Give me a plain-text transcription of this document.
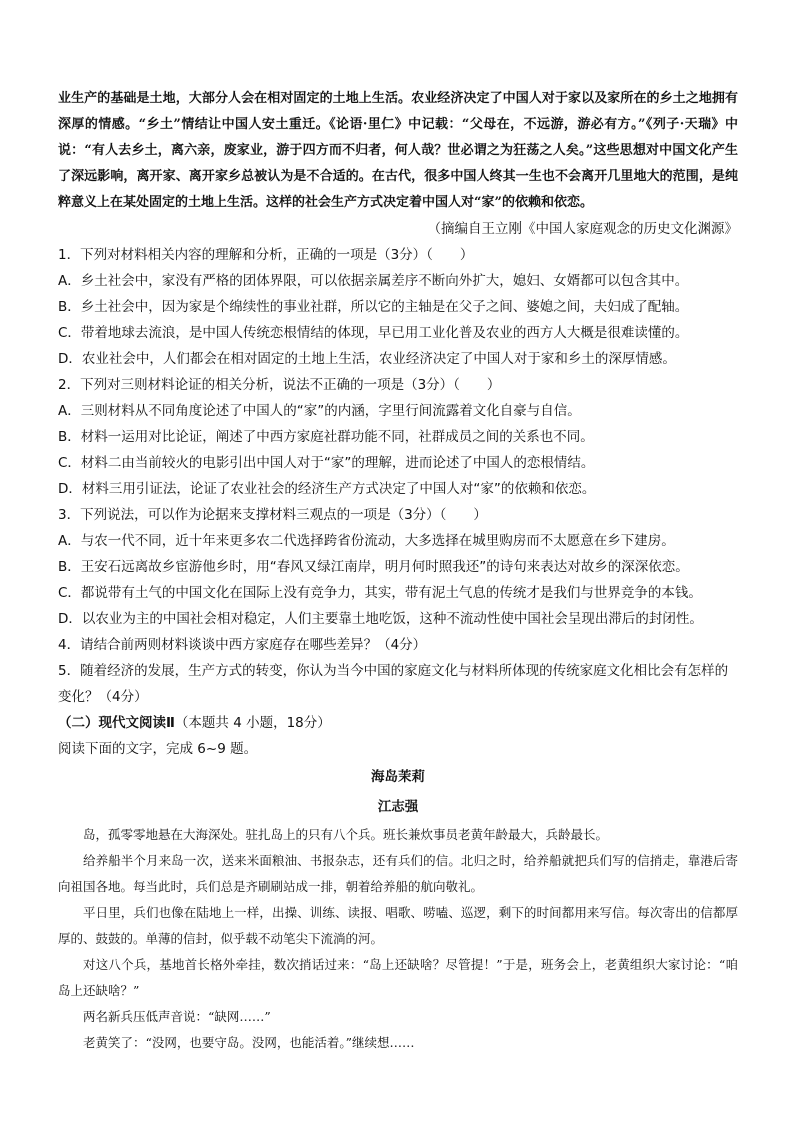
业生产的基础是土地，大部分人会在相对固定的土地上生活。农业经济决定了中国人对于家以及家所在的乡土之地拥有深厚的情感。“乡土”情结让中国人安土重迁。《论语·里仁》中记载：“父母在，不远游，游必有方。”《列子·天瑞》中说：“有人去乡土，离六亲，废家业，游于四方而不归者，何人哉？世必谓之为狂荡之人矣。”这些思想对中国文化产生了深远影响，离开家、离开家乡总被认为是不合适的。在古代，很多中国人终其一生也不会离开几里地大的范围，是纯粹意义上在某处固定的土地上生活。这样的社会生产方式决定着中国人对“家”的依赖和依恋。

（摘编自王立刚《中国人家庭观念的历史文化渊源》

1．下列对材料相关内容的理解和分析，正确的一项是（3分）（　　）

A．乡土社会中，家没有严格的团体界限，可以依据亲属差序不断向外扩大，媳妇、女婿都可以包含其中。

B．乡土社会中，因为家是个绵续性的事业社群，所以它的主轴是在父子之间、婆媳之间，夫妇成了配轴。

C．带着地球去流浪，是中国人传统恋根情结的体现，早已用工业化普及农业的西方人大概是很难读懂的。

D．农业社会中，人们都会在相对固定的土地上生活，农业经济决定了中国人对于家和乡土的深厚情感。

2．下列对三则材料论证的相关分析，说法不正确的一项是（3分）（　　）

A．三则材料从不同角度论述了中国人的“家”的内涵，字里行间流露着文化自豪与自信。

B．材料一运用对比论证，阐述了中西方家庭社群功能不同，社群成员之间的关系也不同。

C．材料二由当前较火的电影引出中国人对于“家”的理解，进而论述了中国人的恋根情结。

D．材料三用引证法，论证了农业社会的经济生产方式决定了中国人对“家”的依赖和依恋。

3．下列说法，可以作为论据来支撑材料三观点的一项是（3分）（　　）

A．与农一代不同，近十年来更多农二代选择跨省份流动，大多选择在城里购房而不太愿意在乡下建房。

B．王安石远离故乡宦游他乡时，用“春风又绿江南岸，明月何时照我还”的诗句来表达对故乡的深深依恋。

C．都说带有土气的中国文化在国际上没有竞争力，其实，带有泥土气息的传统才是我们与世界竞争的本钱。

D．以农业为主的中国社会相对稳定，人们主要靠土地吃饭，这种不流动性使中国社会呈现出滞后的封闭性。

4．请结合前两则材料谈谈中西方家庭存在哪些差异？（4分）

5．随着经济的发展，生产方式的转变，你认为当今中国的家庭文化与材料所体现的传统家庭文化相比会有怎样的变化？（4分）

（二）现代文阅读Ⅱ（本题共 4 小题，18分）

阅读下面的文字，完成 6~9 题。

海岛茉莉

江志强

岛，孤零零地悬在大海深处。驻扎岛上的只有八个兵。班长兼炊事员老黄年龄最大，兵龄最长。

给养船半个月来岛一次，送来米面粮油、书报杂志，还有兵们的信。北归之时，给养船就把兵们写的信捎走，靠港后寄向祖国各地。每当此时，兵们总是齐刷刷站成一排，朝着给养船的航向敬礼。

平日里，兵们也像在陆地上一样，出操、训练、读报、唱歌、唠嗑、巡逻，剩下的时间都用来写信。每次寄出的信都厚厚的、鼓鼓的。单薄的信封，似乎载不动笔尖下流淌的河。

对这八个兵，基地首长格外牵挂，数次捎话过来：“岛上还缺啥？尽管提！”于是，班务会上，老黄组织大家讨论：“咱岛上还缺啥？”

两名新兵压低声音说：“缺网……”

老黄笑了：“没网，也要守岛。没网，也能活着。”继续想……
